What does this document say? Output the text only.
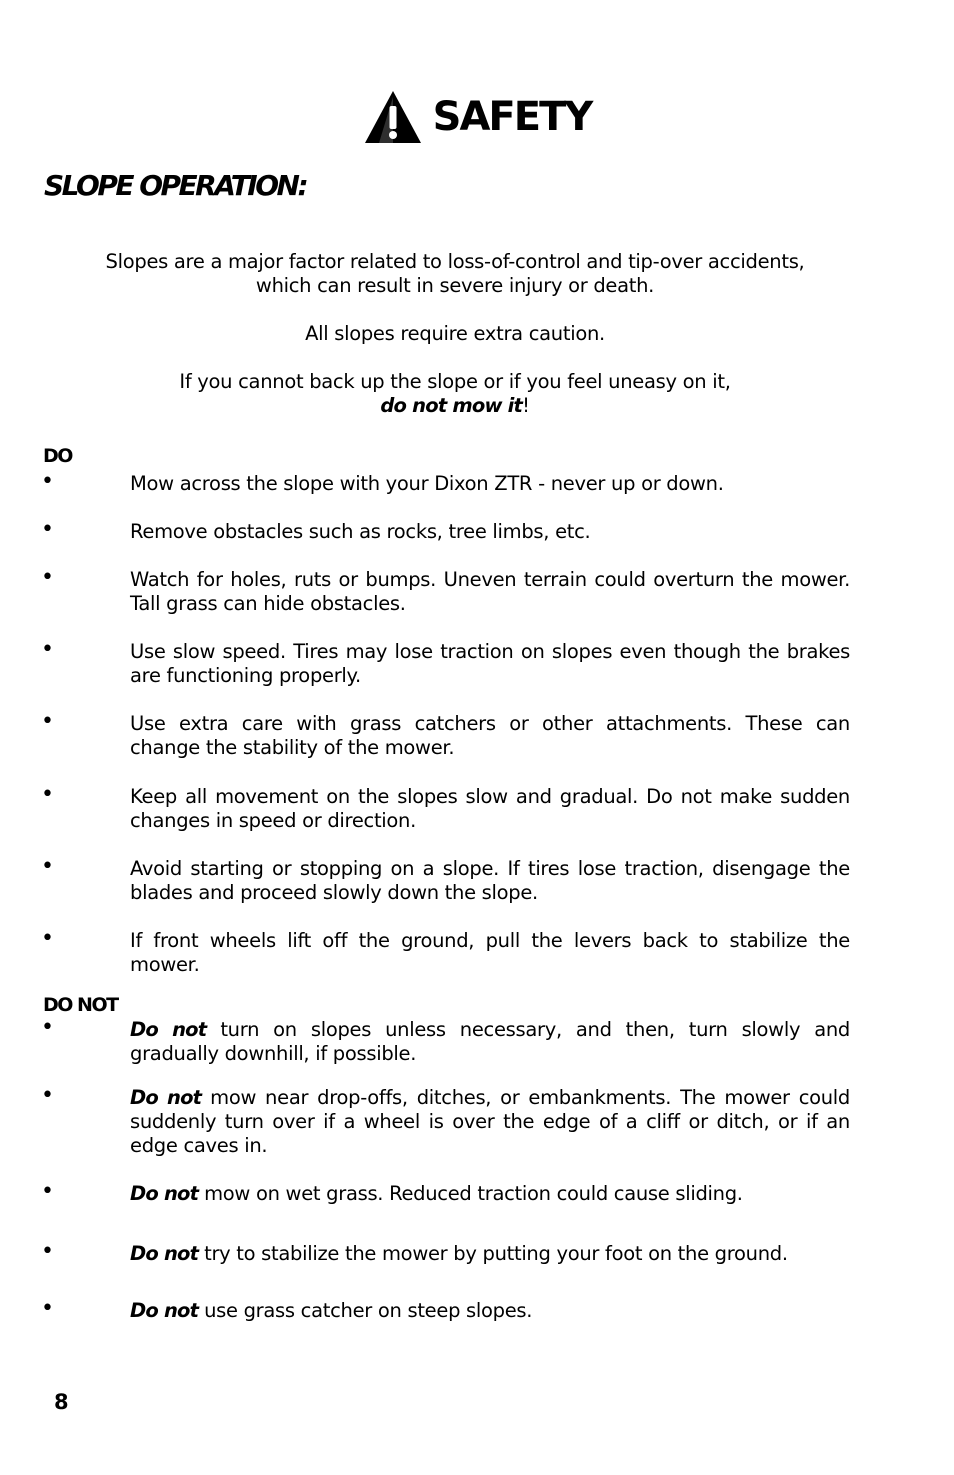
SAFETY
SLOPE OPERATION:
Slopes are a major factor related to loss-of-control and tip-over accidents,
which can result in severe injury or death.
All slopes require extra caution.
If you cannot back up the slope or if you feel uneasy on it,
do not mow it!
DO
•	Mow across the slope with your Dixon ZTR - never up or down.
•	Remove obstacles such as rocks, tree limbs, etc.
•	Watch for holes, ruts or bumps. Uneven terrain could overturn the mower. Tall grass can hide obstacles.
•	Use slow speed. Tires may lose traction on slopes even though the brakes are functioning properly.
•	Use extra care with grass catchers or other attachments. These can change the stability of the mower.
•	Keep all movement on the slopes slow and gradual. Do not make sudden changes in speed or direction.
•	Avoid starting or stopping on a slope. If tires lose traction, disengage the blades and proceed slowly down the slope.
•	If front wheels lift off the ground, pull the levers back to stabilize the mower.
DO NOT
•	Do not turn on slopes unless necessary, and then, turn slowly and gradually downhill, if possible.
•	Do not mow near drop-offs, ditches, or embankments. The mower could suddenly turn over if a wheel is over the edge of a cliff or ditch, or if an edge caves in.
•	Do not mow on wet grass. Reduced traction could cause sliding.
•	Do not try to stabilize the mower by putting your foot on the ground.
•	Do not use grass catcher on steep slopes.
8
